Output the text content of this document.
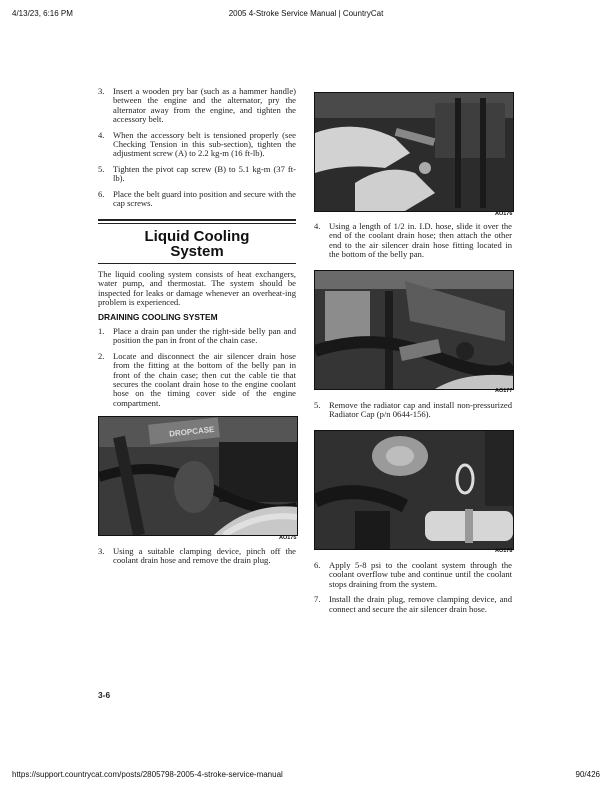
4/13/23, 6:16 PM	2005 4-Stroke Service Manual | CountryCat

3. Insert a wooden pry bar (such as a hammer handle) between the engine and the alternator, pry the alternator away from the engine, and tighten the accessory belt.

4. When the accessory belt is tensioned properly (see Checking Tension in this sub-section), tighten the adjustment screw (A) to 2.2 kg-m (16 ft-lb).

5. Tighten the pivot cap screw (B) to 5.1 kg-m (37 ft-lb).

6. Place the belt guard into position and secure with the cap screws.

Liquid Cooling
System
The liquid cooling system consists of heat exchangers, water pump, and thermostat. The system should be inspected for leaks or damage whenever an overheat-ing problem is experienced.
DRAINING COOLING SYSTEM

1. Place a drain pan under the right-side belly pan and position the pan in front of the chain case.

2. Locate and disconnect the air silencer drain hose from the fitting at the bottom of the belly pan in front of the chain case; then cut the cable tie that secures the coolant drain hose to the engine coolant hose on the timing cover side of the engine compartment.

DROPCASE
AO175

3. Using a suitable clamping device, pinch off the coolant drain hose and remove the drain plug.

AO176

4. Using a length of 1/2 in. I.D. hose, slide it over the end of the coolant drain hose; then attach the other end to the air silencer drain hose fitting located in the bottom of the belly pan.

AO177

5. Remove the radiator cap and install non-pressurized Radiator Cap (p/n 0644-156).

AO178

6. Apply 5-8 psi to the coolant system through the coolant overflow tube and continue until the coolant stops draining from the system.

7. Install the drain plug, remove clamping device, and connect and secure the air silencer drain hose.

3-6
https://support.countrycat.com/posts/2805798-2005-4-stroke-service-manual	90/426
